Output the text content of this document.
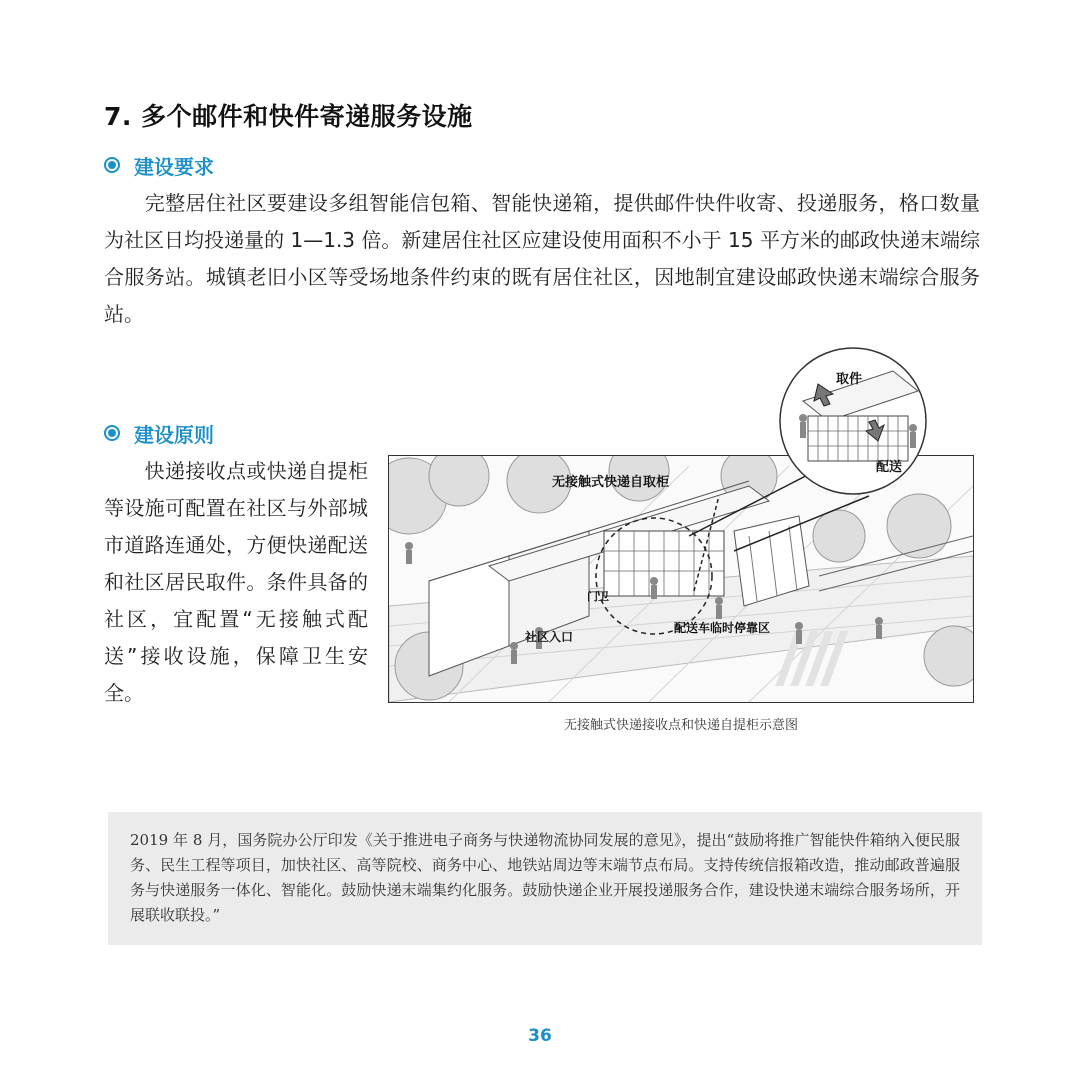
7. 多个邮件和快件寄递服务设施
建设要求
　　完整居住社区要建设多组智能信包箱、智能快递箱，提供邮件快件收寄、投递服务，格口数量为社区日均投递量的 1—1.3 倍。新建居住社区应建设使用面积不小于 15 平方米的邮政快递末端综合服务站。城镇老旧小区等受场地条件约束的既有居住社区，因地制宜建设邮政快递末端综合服务站。
建设原则
　　快递接收点或快递自提柜等设施可配置在社区与外部城市道路连通处，方便快递配送和社区居民取件。条件具备的社区，宜配置“无接触式配送”接收设施，保障卫生安全。
无接触式快递自取柜
门卫
社区入口
配送车临时停靠区
取件
配送
无接触式快递接收点和快递自提柜示意图
2019 年 8 月，国务院办公厅印发《关于推进电子商务与快递物流协同发展的意见》，提出“鼓励将推广智能快件箱纳入便民服务、民生工程等项目，加快社区、高等院校、商务中心、地铁站周边等末端节点布局。支持传统信报箱改造，推动邮政普遍服务与快递服务一体化、智能化。鼓励快递末端集约化服务。鼓励快递企业开展投递服务合作，建设快递末端综合服务场所，开展联收联投。”
36
